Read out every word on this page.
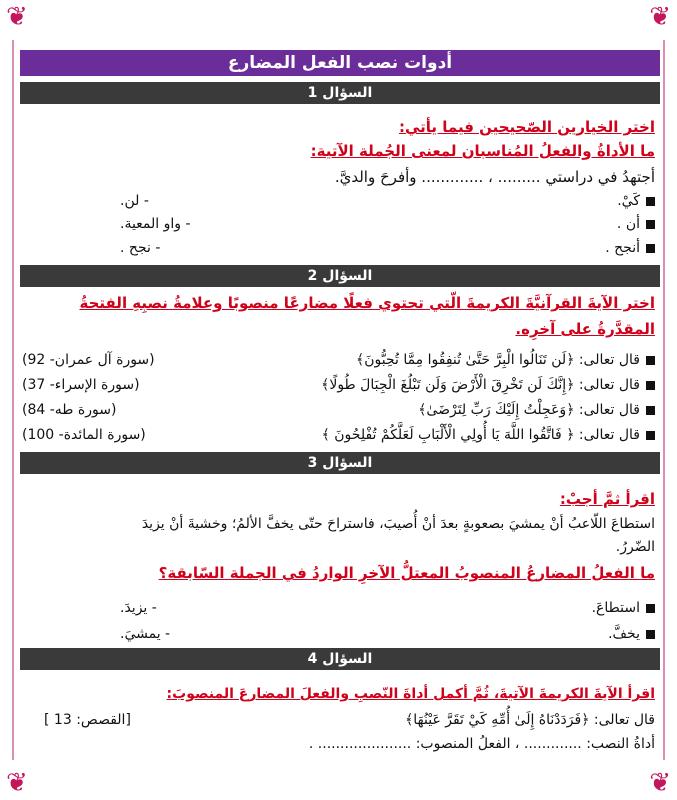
❦	❦
❦	❦
أدوات نصب الفعل المضارع
1 السؤال
اختر الخيارين الصّحيحين فيما يأتي:
ما الأداةُ والفعلُ المُناسبان لمعنى الجُملة الآتية:
أجتهدُ في دراستي ......... ، ............. وأفرحَ والديَّ.
كَيْ.
أن .
أنجح .
- لن.
- واو المعية.
- نجح .
2 السؤال
اختر الآيةَ القرآنيَّةَ الكريمةَ الّتي تحتوي فعلًا مضارعًا منصوبًا وعلامةُ نصبِهِ الفتحةُ المقدَّرةُ على آخرِه.
قال تعالى: ﴿لَن تَنَالُوا الْبِرَّ حَتَّىٰ تُنفِقُوا مِمَّا تُحِبُّونَ﴾
(سورة آل عمران- 92)
قال تعالى: ﴿إِنَّكَ لَن تَخْرِقَ الْأَرْضَ وَلَن تَبْلُغَ الْجِبَالَ طُولًا﴾
(سورة الإسراء- 37)
قال تعالى: ﴿وَعَجِلْتُ إِلَيْكَ رَبِّ لِتَرْضَىٰ﴾
(سورة طه- 84)
قال تعالى: ﴿ فَاتَّقُوا اللَّهَ يَا أُولِي الْأَلْبَابِ لَعَلَّكُمْ تُفْلِحُونَ ﴾
(سورة المائدة- 100)
3 السؤال
اقرأ ثمَّ أجبْ:
استطاعَ اللّاعبُ أنْ يمشيَ بصعوبةٍ بعدَ أنْ أُصيبَ، فاستراحَ حتّى يخفَّ الألمُ؛ وخشيةَ أنْ يزيدَ
الضّررُ.
ما الفعلُ المضارعُ المنصوبُ المعتلُّ الآخرِ الواردُ في الجملة السّابقة؟
استطاعَ.
يخفَّ.
- يزيدَ.
- يمشيَ.
4 السؤال
اقرأ الآيةَ الكريمةَ الآتيةَ، ثُمَّ أكمل أداةَ النّصبِ والفعلَ المضارعَ المنصوبَ:
قال تعالى: ﴿فَرَدَدْنَاهُ إِلَىٰ أُمِّهِ كَيْ تَقَرَّ عَيْنُهَا﴾
[القصص: 13 ]
أداةُ النصب: ............. ، الفعلُ المنصوب: ..................... .
